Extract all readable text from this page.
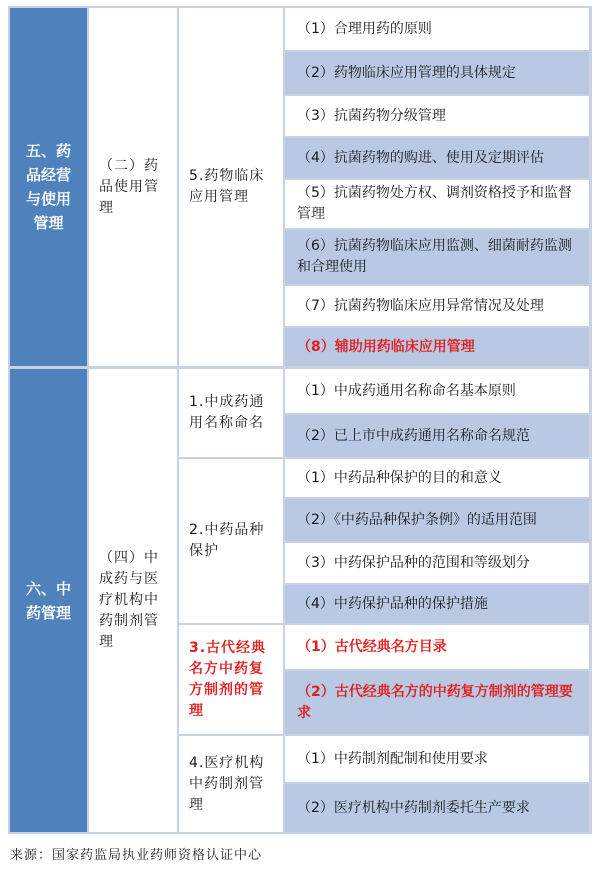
五、药品经营与使用管理
（二）药品使用管理
5.药物临床应用管理
（1）合理用药的原则
（2）药物临床应用管理的具体规定
（3）抗菌药物分级管理
（4）抗菌药物的购进、使用及定期评估
（5）抗菌药物处方权、调剂资格授予和监督管理
（6）抗菌药物临床应用监测、细菌耐药监测和合理使用
（7）抗菌药物临床应用异常情况及处理
（8）辅助用药临床应用管理
六、中药管理
（四）中成药与医疗机构中药制剂管理
1.中成药通用名称命名
2.中药品种保护
3.古代经典名方中药复方制剂的管理
4.医疗机构中药制剂管理
（1）中成药通用名称命名基本原则
（2）已上市中成药通用名称命名规范
（1）中药品种保护的目的和意义
（2）《中药品种保护条例》的适用范围
（3）中药保护品种的范围和等级划分
（4）中药保护品种的保护措施
（1）古代经典名方目录
（2）古代经典名方的中药复方制剂的管理要求
（1）中药制剂配制和使用要求
（2）医疗机构中药制剂委托生产要求
来源：国家药监局执业药师资格认证中心
